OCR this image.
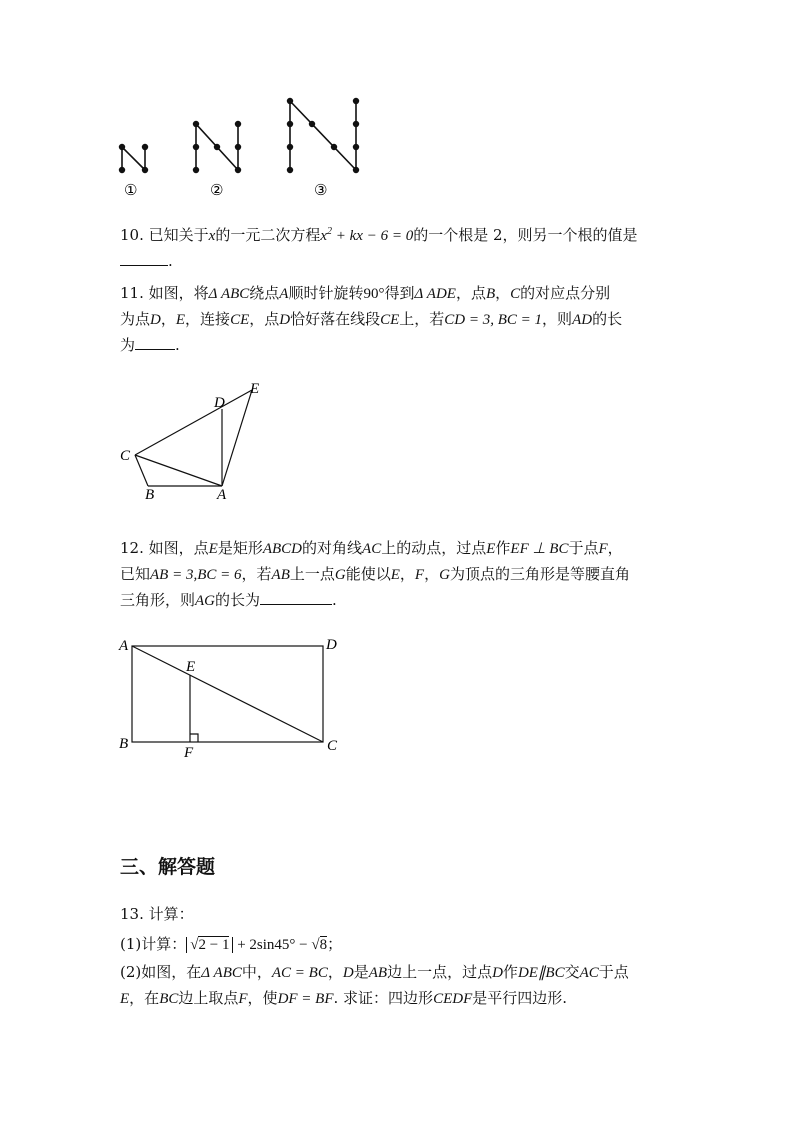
①	②	③
10. 已知关于x的一元二次方程$x^2$ + kx − 6 = 0的一个根是 2，则另一个根的值是
.
11. 如图，将Δ ABC绕点A顺时针旋转90°得到Δ ADE，点B，C的对应点分别
为点D，E，连接CE，点D恰好落在线段CE上，若CD = 3, BC = 1，则AD的长
为	.
C
B	A
D
E
12. 如图，点E是矩形ABCD的对角线AC上的动点，过点E作EF ⊥ BC于点F，
已知AB = 3,BC = 6，若AB上一点G能使以E，F，G为顶点的三角形是等腰直角
三角形，则AG的长为	.
A	D
E
B
F	C
三、解答题
13. 计算：
(1)计算： √2 − 1 + 2sin45° − √8；
(2)如图，在Δ ABC中，AC = BC，D是AB边上一点，过点D作DE∥BC交AC于点
E，在BC边上取点F，使DF = BF. 求证：四边形CEDF是平行四边形.
